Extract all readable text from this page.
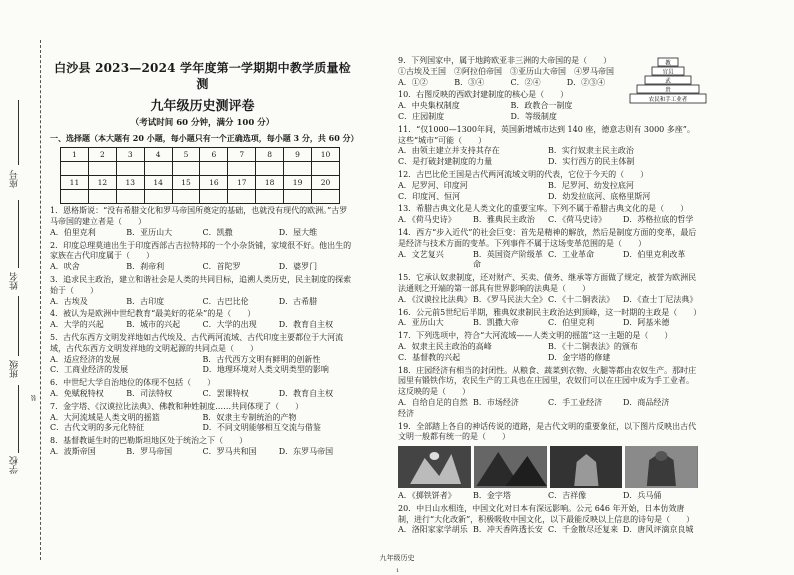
座号
姓名
班级
学校
装
白沙县 2023—2024 学年度第一学期期中教学质量检测
九年级历史测评卷
（考试时间 60 分钟，满分 100 分）
一、选择题（本大题有 20 小题，每小题只有一个正确选项，每小题 3 分，共 60 分）
1	2	3	4	5	6	7	8	9	10

11	12	13	14	15	16	17	18	19	20

1．恩格斯说：“没有希腊文化和罗马帝国所奠定的基础，也就没有现代的欧洲。”古罗马帝国的建立者是（　　）
A．伯里克利	B．亚历山大	C．凯撒	D．屋大维
2．印度总理莫迪出生于印度西部古吉拉特邦的一个小杂货铺，家境很不好。他出生的家族在古代印度属于（　　）
A．吠舍	B．刹帝利	C．首陀罗	D．婆罗门
3．追求民主政治，建立和谐社会是人类的共同目标，追溯人类历史，民主制度的探索始于（　　）
A．古埃及	B．古印度	C．古巴比伦	D．古希腊
4．被认为是欧洲中世纪教育“最美好的花朵”的是（　　）
A．大学的兴起	B．城市的兴起	C．大学的出现	D．教育自主权
5．古代东西方文明发祥地如古代埃及、古代两河流域、古代印度主要都位于大河流域，古代东西方文明发祥地的文明起源的共同点是（　　）
A．适应经济的发展	B．古代西方文明有鲜明的创新性
C．工商业经济的发展	D．地理环境对人类文明类型的影响
6．中世纪大学自治地位的体现不包括（　　）
A．免赋税特权	B．司法特权	C．罢课特权	D．教育自主权
7．金字塔、《汉谟拉比法典》、佛教和种姓制度……共同体现了（　　）
A．大河流域是人类文明的摇篮	B．奴隶主专制统治的产物
C．古代文明的多元化特征	D．不同文明能够相互交流与借鉴
8．基督教诞生时的巴勒斯坦地区处于统治之下（　　）
A．波斯帝国	B．罗马帝国	C．罗马共和国	D．东罗马帝国
教
官员
武
贵
农民和手工业者
9．下列国家中，属于地跨欧亚非三洲的大帝国的是（　　）
①古埃及王国　②阿拉伯帝国　③亚历山大帝国　④罗马帝国
A．①②	B．③④	C．②④	D．②③④
10．右图反映的西欧封建制度的核心是（　　）
A．中央集权制度	B．政教合一制度
C．庄园制度	D．等级制度
11．“仅1000—1300年间，英国新增城市达到 140 座，德意志则有 3000 多座”。这些“城市”可能（　　）
A．由领主建立并支持其存在	B．实行奴隶主民主政治
C．是打破封建制度的力量	D．实行西方的民主体制
12．古巴比伦王国是古代两河流域文明的代表，它位于今天的（　　）
A．尼罗河、印度河	B．尼罗河、幼发拉底河
C．印度河、恒河	D．幼发拉底河、底格里斯河
13．希腊古典文化是人类文化的重要宝库。下列不属于希腊古典文化的是（　　）
A．《荷马史诗》	B．雅典民主政治	C．《荷马史诗》	D．苏格拉底的哲学
14．西方“步入近代”的社会巨变：首先是精神的解放，然后是制度方面的变革，最后是经济与技术方面的变革。下列事件不属于这场变革范围的是（　　）
A．文艺复兴	B．英国资产阶级革命
C．工业革命	D．伯里克利改革
15．它承认奴隶制度，还对财产、买卖、债务、继承等方面做了规定，被誉为欧洲民法通则之开端的第一部具有世界影响的法典是（　　）
A．《汉谟拉比法典》 B．《罗马民法大全》 C．《十二铜表法》	D．《查士丁尼法典》
16．公元前5世纪后半期，雅典奴隶制民主政治达到顶峰，这一时期的主政是（　　）
A．亚历山大	B．凯撒大帝	C．伯里克利	D．阿基米德
17．下列选项中，符合“大河流域——人类文明的摇篮”这一主题的是（　　）
A．奴隶主民主政治的高峰	B．《十二铜表法》的颁布
C．基督教的兴起	D．金字塔的修建
18．庄园经济有相当的封闭性。从粮食、蔬菜到衣物、火腿等都由农奴生产。那时庄园里有锻铁作坊，农民生产的工具也在庄园里，农奴们可以在庄园中成为手工业者。这反映的是（　　）
A．自给自足的自然经济
B．市场经济	C．手工业经济	D．商品经济
19．全部踏上各自的神话传说的道路，是古代文明的重要象征，以下图片反映出古代文明一般都有统一的是（　　）
A．《掷铁饼者》	B．金字塔	C．吉祥像	D．兵马俑
20．中日山水相连，中国文化对日本有深远影响。公元 646 年开始，日本仿效唐制，进行“大化改新”，积极吸收中国文化，以下最能反映以上信息的诗句是（　　）
A．洛阳家家学胡乐 B．冲天香阵透长安 C．千金散尽还复来 D．唐风评滴京良城
九年级历史
1
